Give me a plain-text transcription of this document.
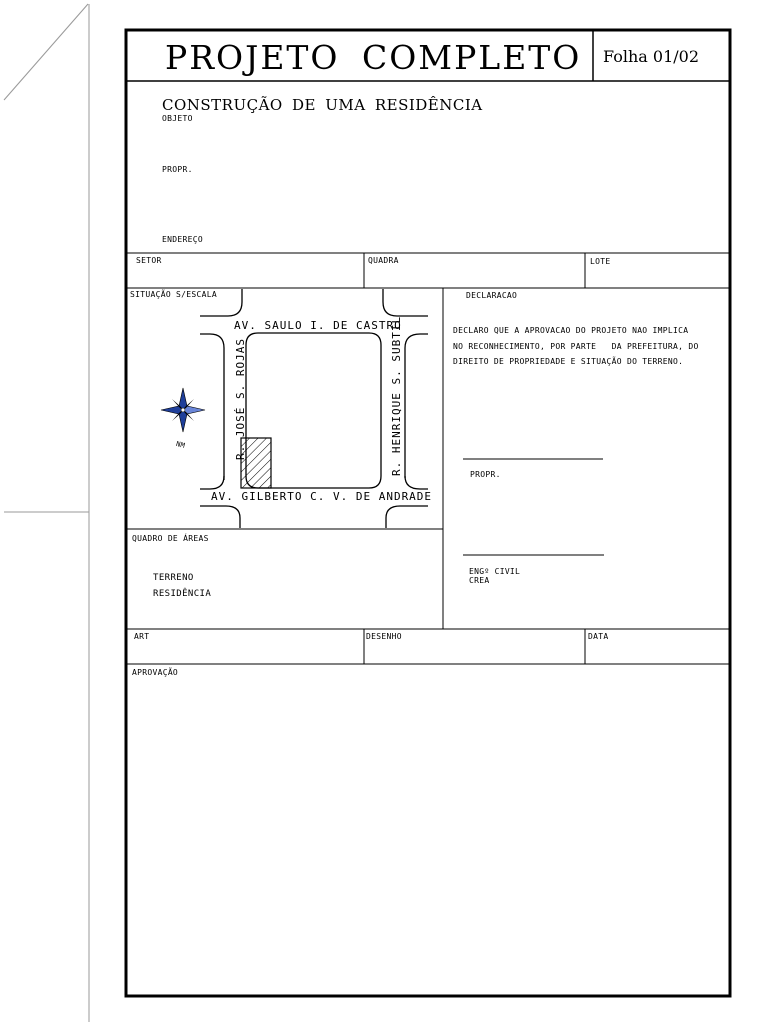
PROJETO COMPLETO Folha 01/02
CONSTRUÇÃO DE UMA RESIDÊNCIA
OBJETO
PROPR.
ENDEREÇO
SETOR	QUADRA	LOTE
SITUAÇÃO S/ESCALA
AV. SAULO I. DE CASTRO
AV. GILBERTO C. V. DE ANDRADE
R. JOSÉ S. ROJAS	R. HENRIQUE S. SUBTIL
NM
DECLARACAO
DECLARO QUE A APROVACAO DO PROJETO NAO IMPLICA
NO RECONHECIMENTO, POR PARTE   DA PREFEITURA, DO
DIREITO DE PROPRIEDADE E SITUAÇÃO DO TERRENO.
PROPR.
ENGº CIVIL
CREA
QUADRO DE ÁREAS
TERRENO
RESIDÊNCIA
ART	DESENHO	DATA
APROVAÇÃO
